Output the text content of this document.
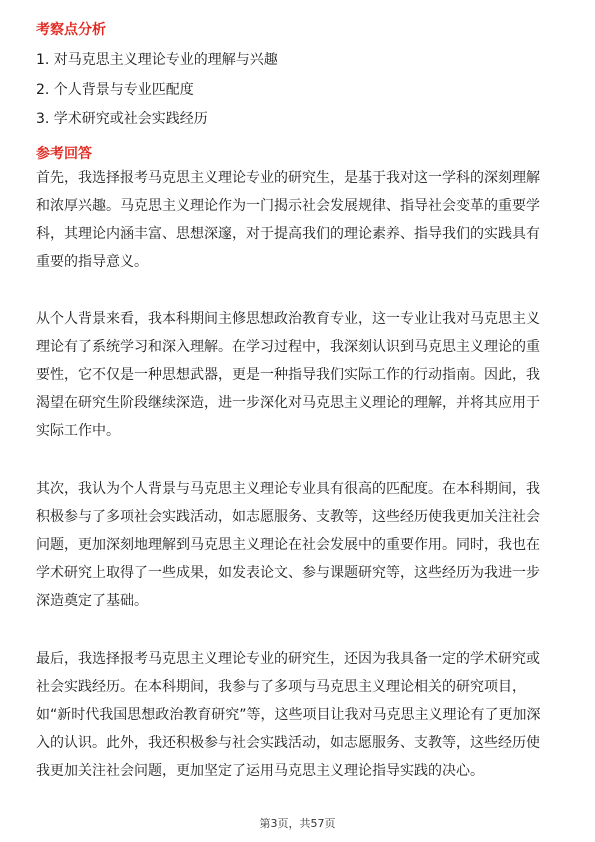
考察点分析
1. 对马克思主义理论专业的理解与兴趣
2. 个人背景与专业匹配度
3. 学术研究或社会实践经历
参考回答
首先，我选择报考马克思主义理论专业的研究生，是基于我对这一学科的深刻理解
和浓厚兴趣。马克思主义理论作为一门揭示社会发展规律、指导社会变革的重要学
科，其理论内涵丰富、思想深邃，对于提高我们的理论素养、指导我们的实践具有
重要的指导意义。
从个人背景来看，我本科期间主修思想政治教育专业，这一专业让我对马克思主义
理论有了系统学习和深入理解。在学习过程中，我深刻认识到马克思主义理论的重
要性，它不仅是一种思想武器，更是一种指导我们实际工作的行动指南。因此，我
渴望在研究生阶段继续深造，进一步深化对马克思主义理论的理解，并将其应用于
实际工作中。
其次，我认为个人背景与马克思主义理论专业具有很高的匹配度。在本科期间，我
积极参与了多项社会实践活动，如志愿服务、支教等，这些经历使我更加关注社会
问题，更加深刻地理解到马克思主义理论在社会发展中的重要作用。同时，我也在
学术研究上取得了一些成果，如发表论文、参与课题研究等，这些经历为我进一步
深造奠定了基础。
最后，我选择报考马克思主义理论专业的研究生，还因为我具备一定的学术研究或
社会实践经历。在本科期间，我参与了多项与马克思主义理论相关的研究项目，
如“新时代我国思想政治教育研究”等，这些项目让我对马克思主义理论有了更加深
入的认识。此外，我还积极参与社会实践活动，如志愿服务、支教等，这些经历使
我更加关注社会问题，更加坚定了运用马克思主义理论指导实践的决心。
第3页，共57页
